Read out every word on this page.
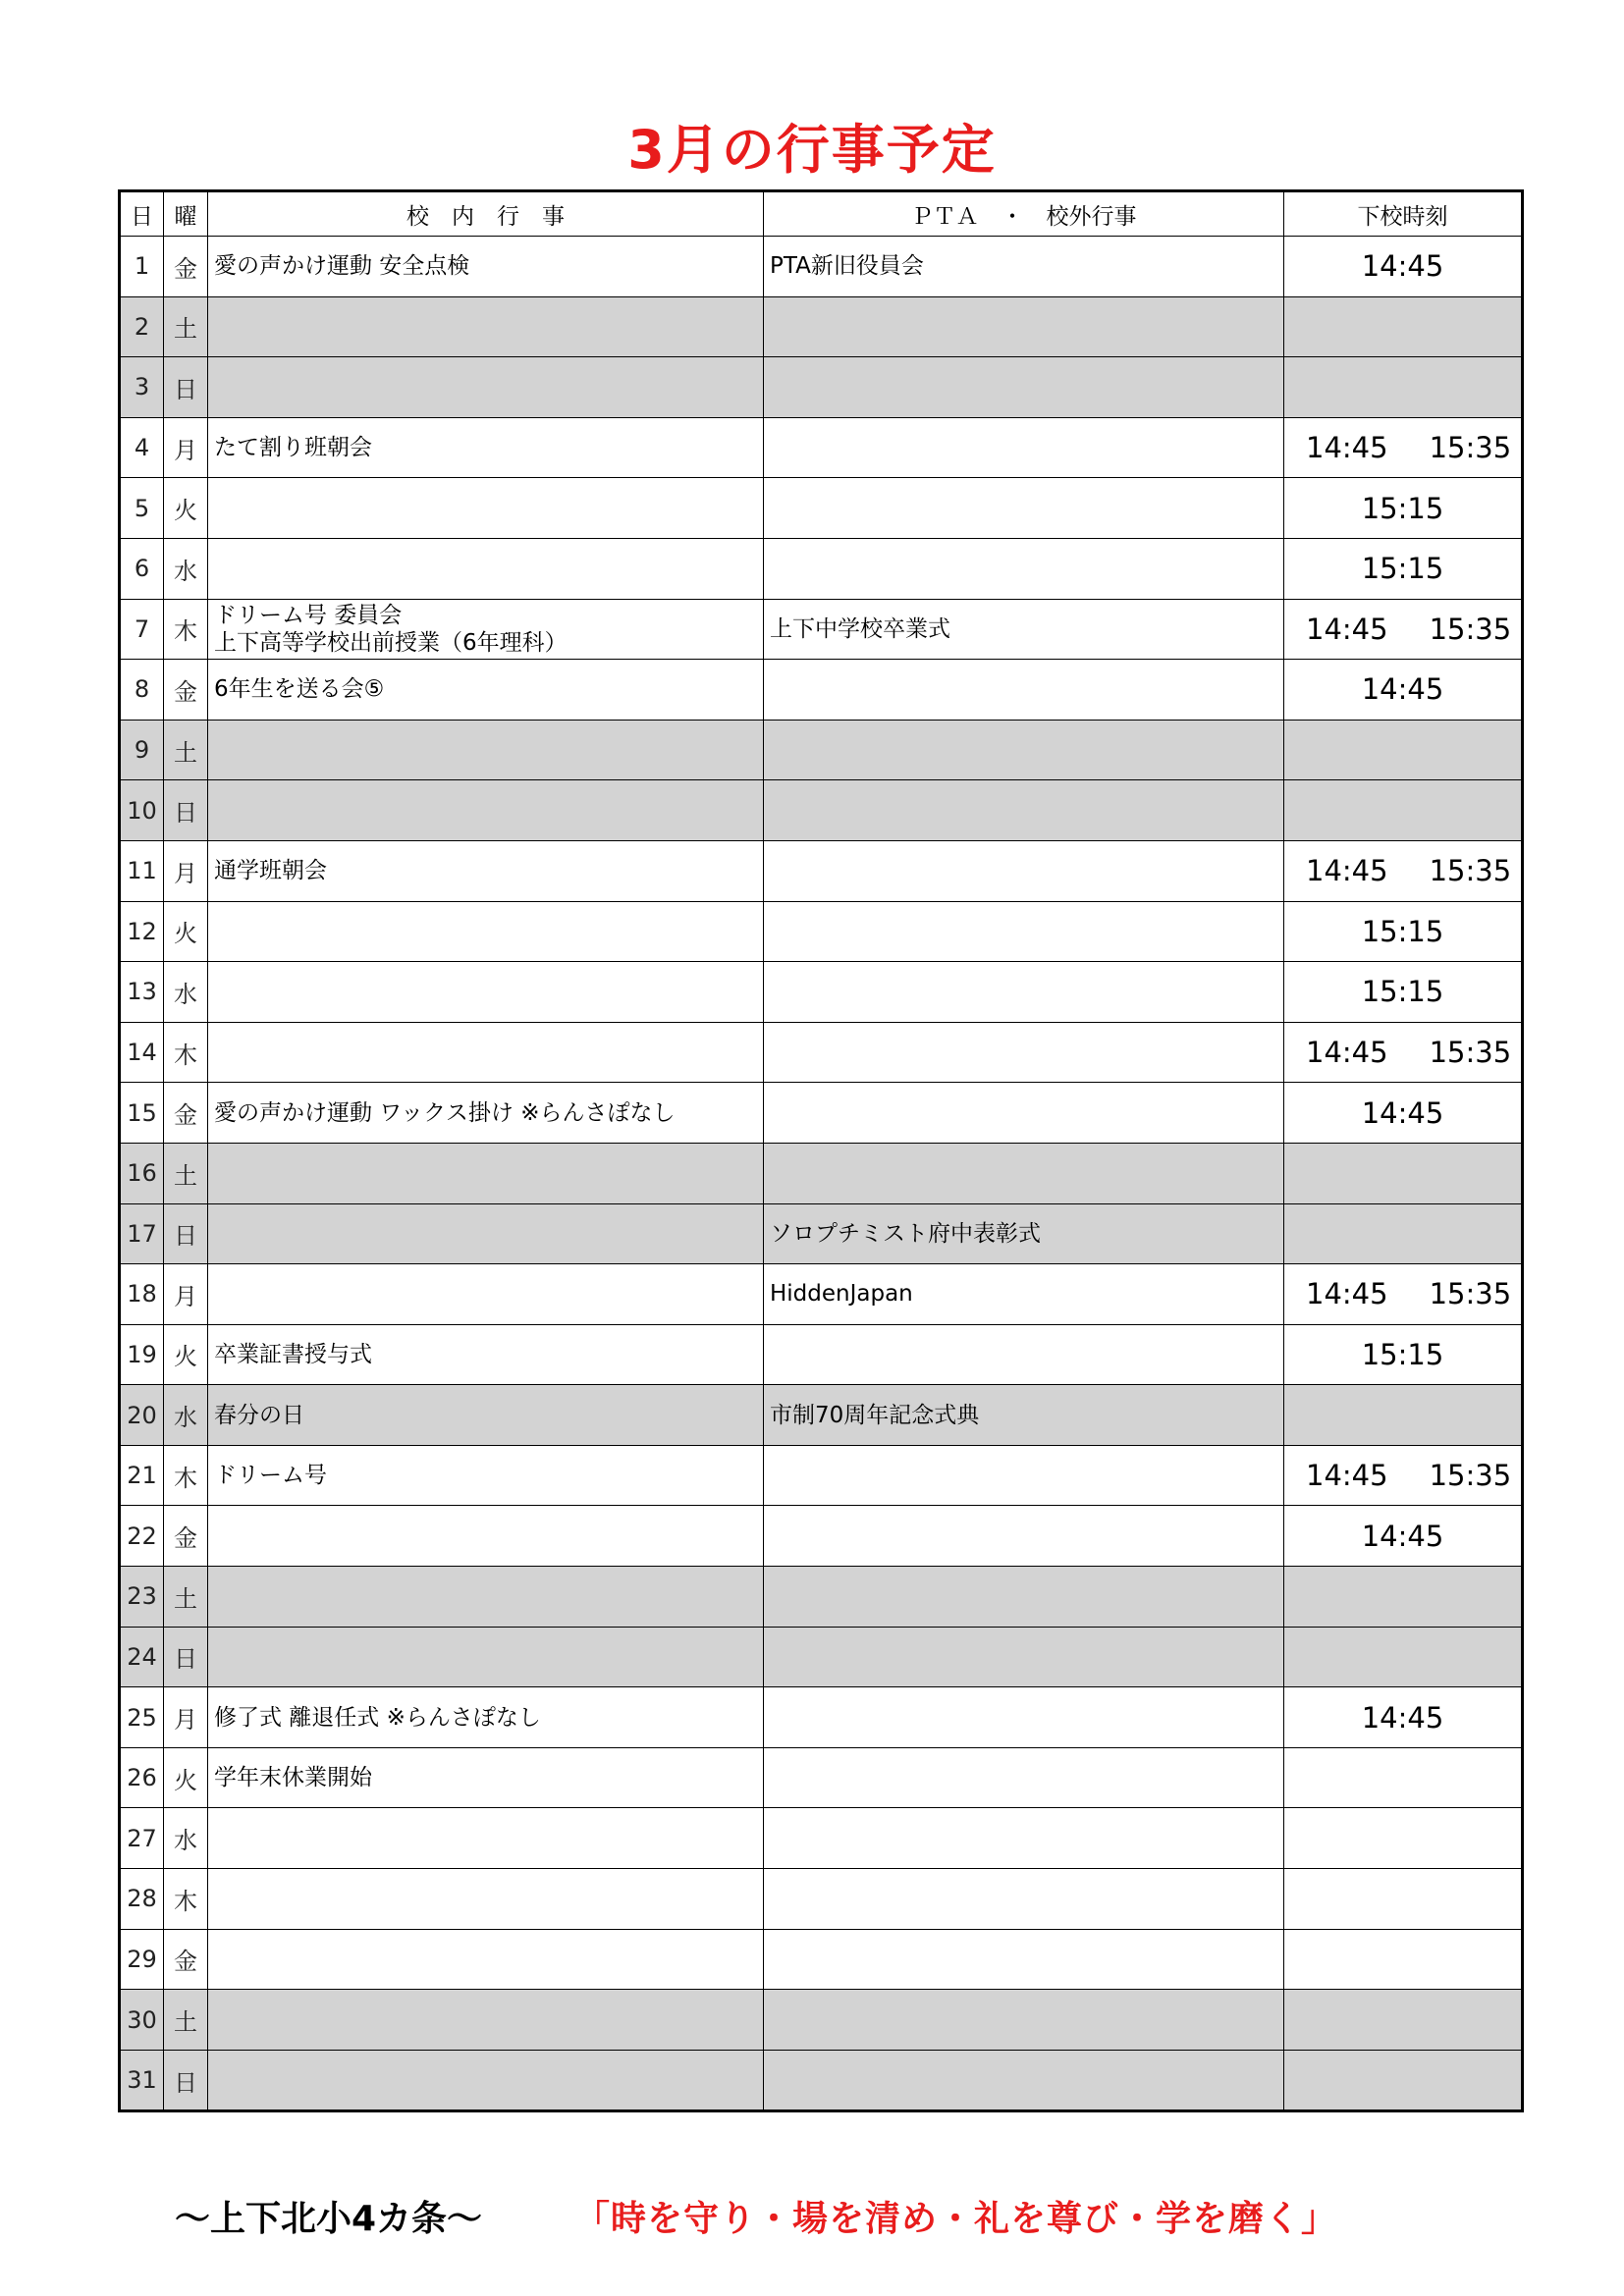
3月の行事予定
日	曜	校　内　行　事	ＰＴＡ　・　校外行事	下校時刻
1	金	愛の声かけ運動 安全点検	PTA新旧役員会	14:45
2	土			
3	日			
4	月	たて割り班朝会		14:45 15:35
5	火			15:15
6	水			15:15
7	木	ドリーム号 委員会
上下高等学校出前授業（6年理科）	上下中学校卒業式	14:45 15:35
8	金	6年生を送る会⑤		14:45
9	土			
10	日			
11	月	通学班朝会		14:45 15:35
12	火			15:15
13	水			15:15
14	木			14:45 15:35
15	金	愛の声かけ運動 ワックス掛け ※らんさぽなし		14:45
16	土			
17	日		ソロプチミスト府中表彰式	
18	月		HiddenJapan	14:45 15:35
19	火	卒業証書授与式		15:15
20	水	春分の日	市制70周年記念式典	
21	木	ドリーム号		14:45 15:35
22	金			14:45
23	土			
24	日			
25	月	修了式 離退任式 ※らんさぽなし		14:45
26	火	学年末休業開始		

27	水			
28	木			
29	金			
30	土			
31	日			
～上下北小4カ条～	「時を守り・場を清め・礼を尊び・学を磨く」
